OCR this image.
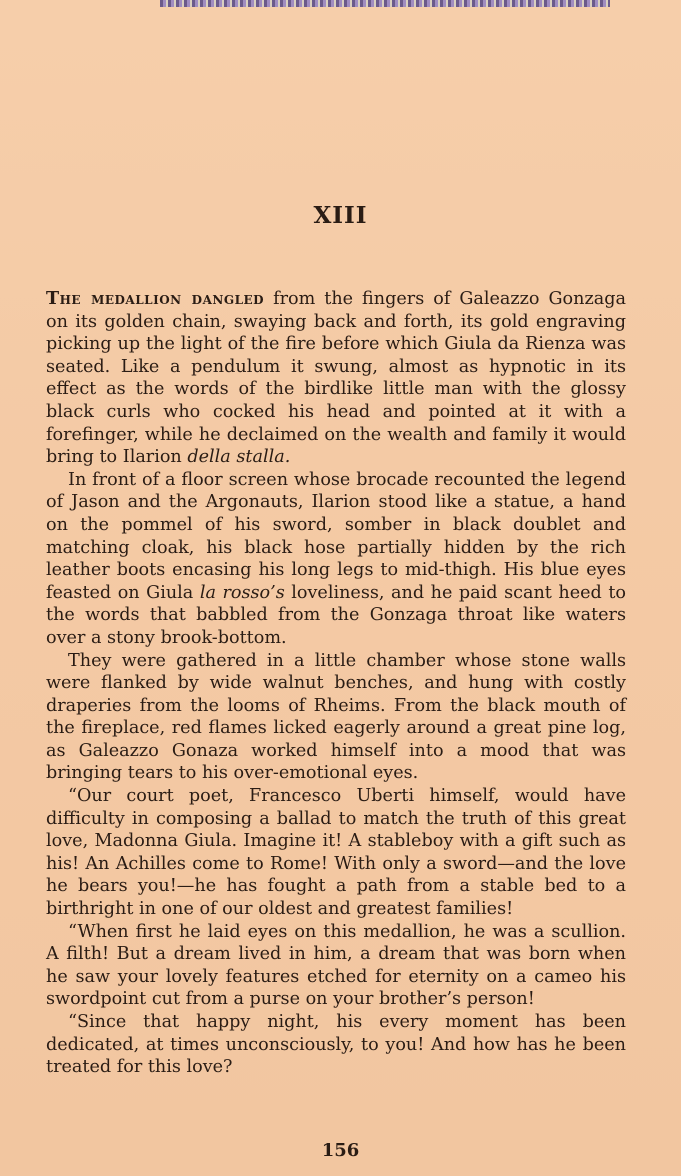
XIII

The medallion dangled from the fingers of Galeazzo Gonzaga on its golden chain, swaying back and forth, its gold engraving picking up the light of the fire before which Giula da Rienza was seated. Like a pendulum it swung, almost as hypnotic in its effect as the words of the birdlike little man with the glossy black curls who cocked his head and pointed at it with a forefinger, while he declaimed on the wealth and family it would bring to Ilarion della stalla.

In front of a floor screen whose brocade recounted the legend of Jason and the Argonauts, Ilarion stood like a statue, a hand on the pommel of his sword, somber in black doublet and matching cloak, his black hose partially hidden by the rich leather boots encasing his long legs to mid-thigh. His blue eyes feasted on Giula la rosso’s loveliness, and he paid scant heed to the words that babbled from the Gonzaga throat like waters over a stony brook-bottom.

They were gathered in a little chamber whose stone walls were flanked by wide walnut benches, and hung with costly draperies from the looms of Rheims. From the black mouth of the fireplace, red flames licked eagerly around a great pine log, as Galeazzo Gonaza worked himself into a mood that was bringing tears to his over-emotional eyes.

“Our court poet, Francesco Uberti himself, would have difficulty in composing a ballad to match the truth of this great love, Madonna Giula. Imagine it! A stableboy with a gift such as his! An Achilles come to Rome! With only a sword—and the love he bears you!—he has fought a path from a stable bed to a birthright in one of our oldest and greatest families!

“When first he laid eyes on this medallion, he was a scullion. A filth! But a dream lived in him, a dream that was born when he saw your lovely features etched for eternity on a cameo his swordpoint cut from a purse on your brother’s person!

“Since that happy night, his every moment has been dedicated, at times unconsciously, to you! And how has he been treated for this love?

156
